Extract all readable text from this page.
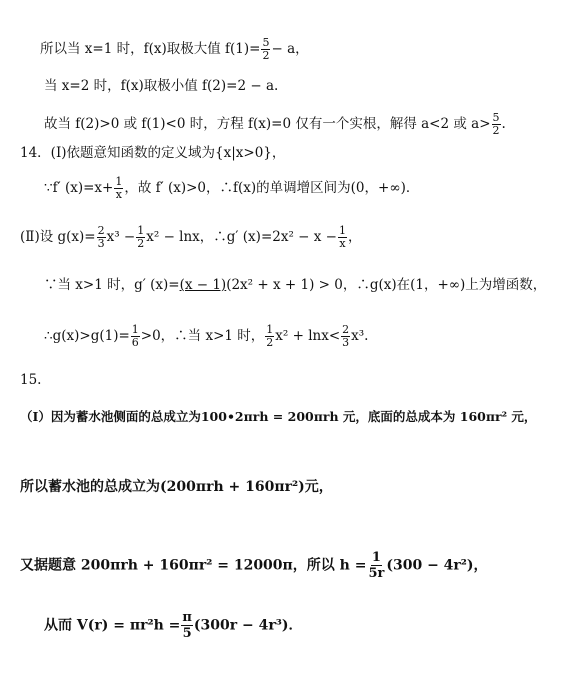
所以当 x=1 时，f(x)取极大值 $f(1)= \frac{5}{2} - a$，
当 x=2 时，f(x)取极小值 f(2)=2 − a.
故当 f(2)>0 或 f(1)<0 时，方程 f(x)=0 仅有一个实根，解得 a<2 或 $a> \frac{5}{2}$ .
14．(Ⅰ)依题意知函数的定义域为{x|x>0}，
∵f′ $(x)=x+ \frac{1}{x}$ ，故 f′ (x)>0，∴f(x)的单调增区间为(0，+∞)．
(Ⅱ)设 $g(x)= \frac{2}{3} x^3 - \frac{1}{2} x^2 - \ln x$，∴g′ $(x)=2x^2 - x - \frac{1}{x}$ ，
∵当 x>1 时，g′ (x)=(x − 1)(2x² + x + 1) > 0，∴g(x)在(1，+∞)上为增函数，
∴g(x)>g(1)= $\frac{1}{6} >0$，∴当 x>1 时， $\frac{1}{2} x^2 + \ln x< \frac{2}{3} x^3$.
15.
（Ⅰ）因为蓄水池侧面的总成立为100•2πrh = 200πrh 元，底面的总成本为 160πr² 元，
所以蓄水池的总成立为(200πrh + 160πr²)元，
又据题意 200πrh + 160πr² = 12000π，所以 $h = \frac{1}{5r} (300 - 4r^2)$，
从而 $V(r) = \pi r^2h = \frac{\pi}{5} (300r - 4r^3)$．
